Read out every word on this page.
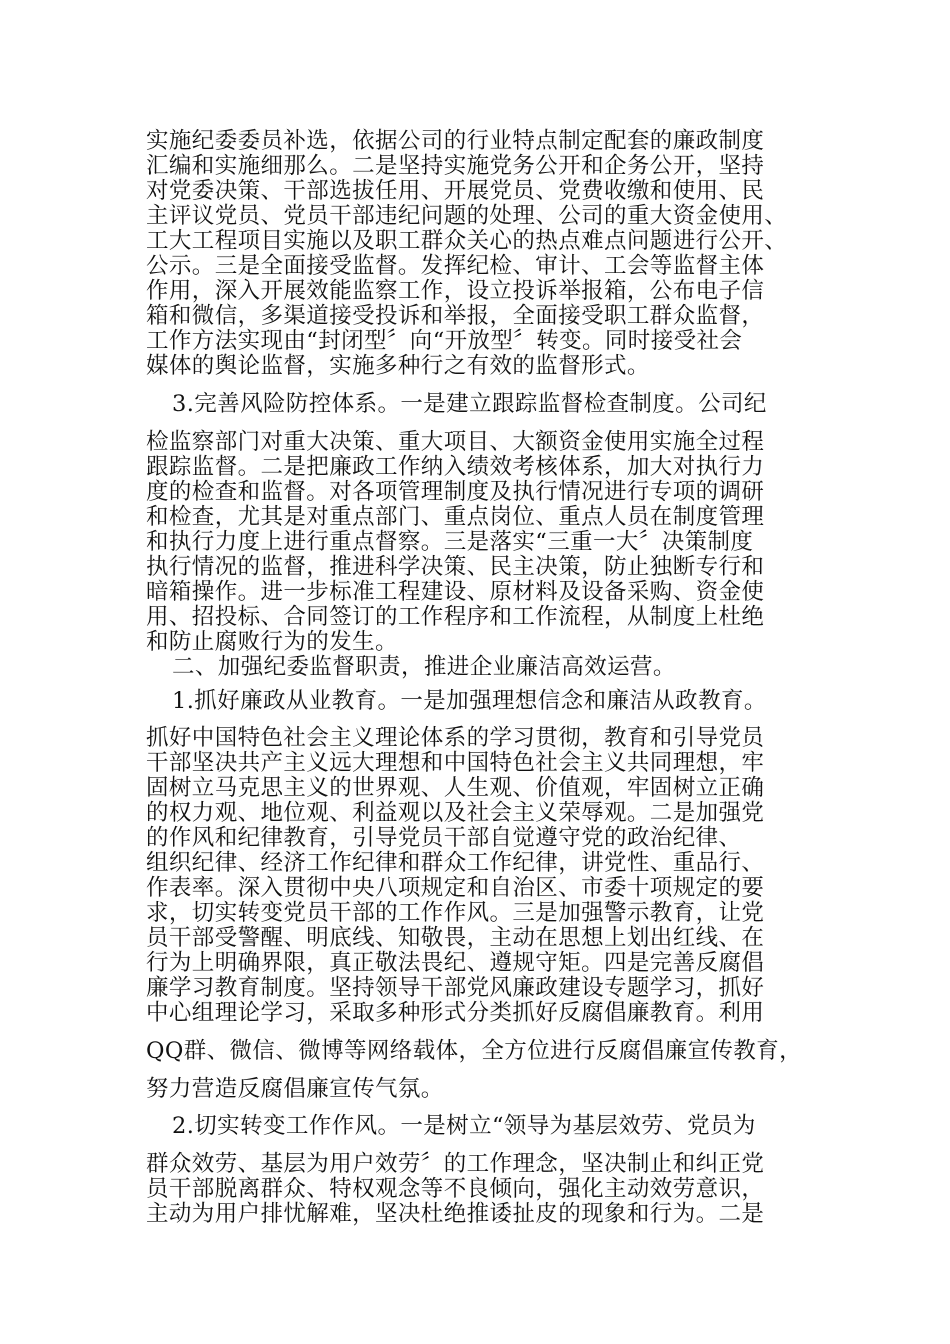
实施纪委委员补选，依据公司的行业特点制定配套的廉政制度
汇编和实施细那么。二是坚持实施党务公开和企务公开，坚持
对党委决策、干部选拔任用、开展党员、党费收缴和使用、民
主评议党员、党员干部违纪问题的处理、公司的重大资金使用、
工大工程项目实施以及职工群众关心的热点难点问题进行公开、
公示。三是全面接受监督。发挥纪检、审计、工会等监督主体
作用，深入开展效能监察工作，设立投诉举报箱，公布电子信
箱和微信，多渠道接受投诉和举报，全面接受职工群众监督，
工作方法实现由“封闭型〞向“开放型〞转变。同时接受社会
媒体的舆论监督，实施多种行之有效的监督形式。
3.完善风险防控体系。一是建立跟踪监督检查制度。公司纪
检监察部门对重大决策、重大项目、大额资金使用实施全过程
跟踪监督。二是把廉政工作纳入绩效考核体系，加大对执行力
度的检查和监督。对各项管理制度及执行情况进行专项的调研
和检查，尤其是对重点部门、重点岗位、重点人员在制度管理
和执行力度上进行重点督察。三是落实“三重一大〞决策制度
执行情况的监督，推进科学决策、民主决策，防止独断专行和
暗箱操作。进一步标准工程建设、原材料及设备采购、资金使
用、招投标、合同签订的工作程序和工作流程，从制度上杜绝
和防止腐败行为的发生。
二、加强纪委监督职责，推进企业廉洁高效运营。
1.抓好廉政从业教育。一是加强理想信念和廉洁从政教育。
抓好中国特色社会主义理论体系的学习贯彻，教育和引导党员
干部坚决共产主义远大理想和中国特色社会主义共同理想，牢
固树立马克思主义的世界观、人生观、价值观，牢固树立正确
的权力观、地位观、利益观以及社会主义荣辱观。二是加强党
的作风和纪律教育，引导党员干部自觉遵守党的政治纪律、
组织纪律、经济工作纪律和群众工作纪律，讲党性、重品行、
作表率。深入贯彻中央八项规定和自治区、市委十项规定的要
求，切实转变党员干部的工作作风。三是加强警示教育，让党
员干部受警醒、明底线、知敬畏，主动在思想上划出红线、在
行为上明确界限，真正敬法畏纪、遵规守矩。四是完善反腐倡
廉学习教育制度。坚持领导干部党风廉政建设专题学习，抓好
中心组理论学习，采取多种形式分类抓好反腐倡廉教育。利用
QQ群、微信、微博等网络载体，全方位进行反腐倡廉宣传教育，
努力营造反腐倡廉宣传气氛。
2.切实转变工作作风。一是树立“领导为基层效劳、党员为
群众效劳、基层为用户效劳〞的工作理念，坚决制止和纠正党
员干部脱离群众、特权观念等不良倾向，强化主动效劳意识，
主动为用户排忧解难，坚决杜绝推诿扯皮的现象和行为。二是
